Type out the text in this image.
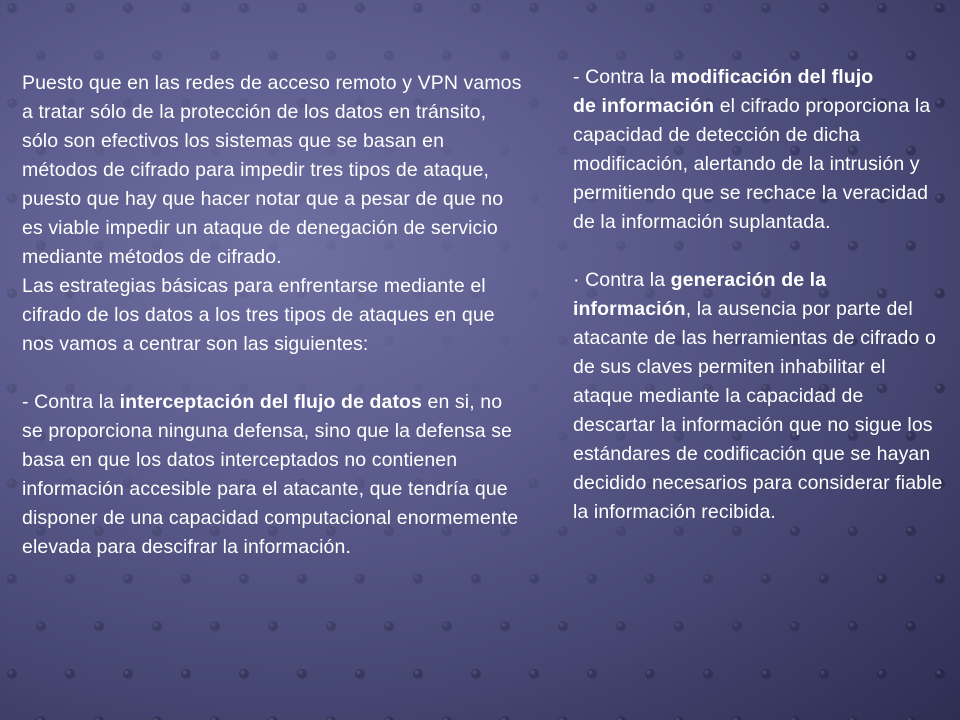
Puesto que en las redes de acceso remoto y VPN vamos a tratar sólo de la protección de los datos en tránsito, sólo son efectivos los sistemas que se basan en métodos de cifrado para impedir tres tipos de ataque, puesto que hay que hacer notar que a pesar de que no es viable impedir un ataque de denegación de servicio mediante métodos de cifrado.

Las estrategias básicas para enfrentarse mediante el cifrado de los datos a los tres tipos de ataques en que nos vamos a centrar son las siguientes:

- Contra la interceptación del flujo de datos en si, no se proporciona ninguna defensa, sino que la defensa se basa en que los datos interceptados no contienen información accesible para el atacante, que tendría que disponer de una capacidad computacional enormemente elevada para descifrar la información.

- Contra la modificación del flujo
de información el cifrado proporciona la capacidad de detección de dicha modificación, alertando de la intrusión y permitiendo que se rechace la veracidad de la información suplantada.

· Contra la generación de la información, la ausencia por parte del atacante de las herramientas de cifrado o de sus claves permiten inhabilitar el ataque mediante la capacidad de descartar la información que no sigue los estándares de codificación que se hayan decidido necesarios para considerar fiable la información recibida.
